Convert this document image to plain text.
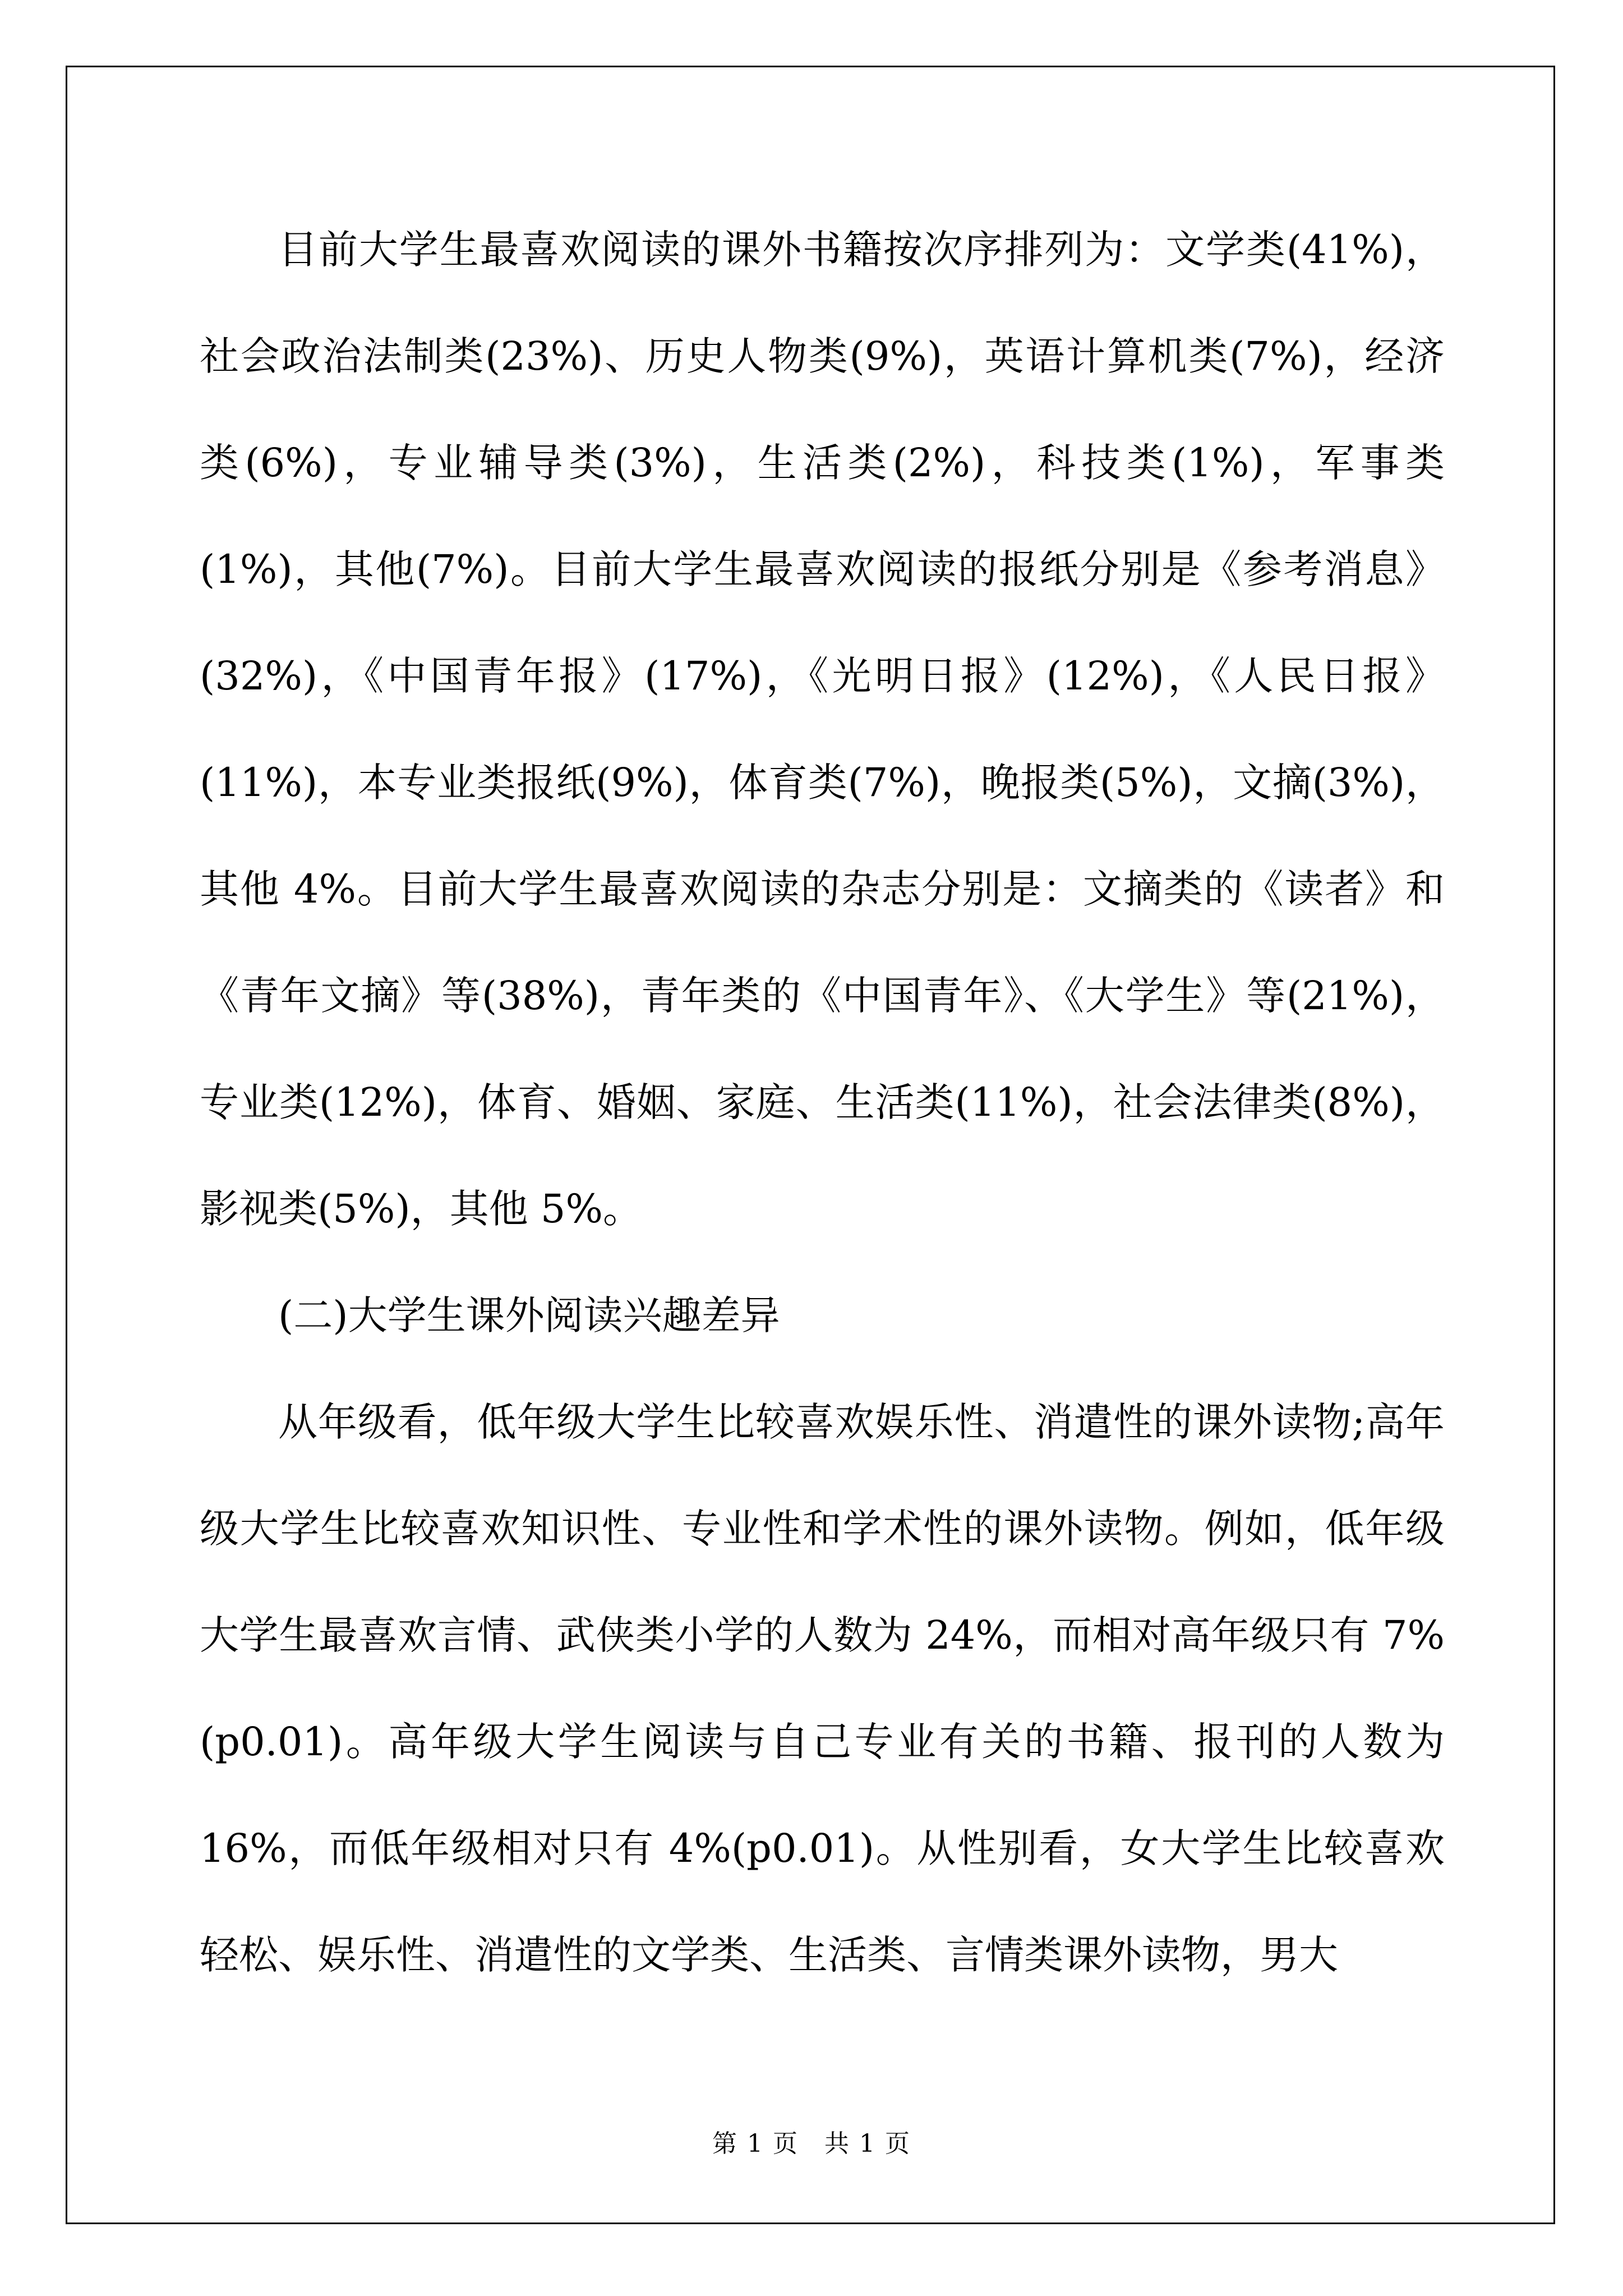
目前大学生最喜欢阅读的课外书籍按次序排列为：文学类(41%)，社会政治法制类(23%)、历史人物类(9%)，英语计算机类(7%)，经济类(6%)，专业辅导类(3%)，生活类(2%)，科技类(1%)，军事类(1%)，其他(7%)。目前大学生最喜欢阅读的报纸分别是《参考消息》(32%)，《中国青年报》(17%)，《光明日报》(12%)，《人民日报》(11%)，本专业类报纸(9%)，体育类(7%)，晚报类(5%)，文摘(3%)，其他 4%。目前大学生最喜欢阅读的杂志分别是：文摘类的《读者》和《青年文摘》等(38%)，青年类的《中国青年》、《大学生》等(21%)，专业类(12%)，体育、婚姻、家庭、生活类(11%)，社会法律类(8%)，影视类(5%)，其他 5%。

(二)大学生课外阅读兴趣差异

从年级看，低年级大学生比较喜欢娱乐性、消遣性的课外读物;高年级大学生比较喜欢知识性、专业性和学术性的课外读物。例如，低年级大学生最喜欢言情、武侠类小学的人数为 24%，而相对高年级只有 7%(p0.01)。高年级大学生阅读与自己专业有关的书籍、报刊的人数为 16%，而低年级相对只有 4%(p0.01)。从性别看，女大学生比较喜欢轻松、娱乐性、消遣性的文学类、生活类、言情类课外读物，男大

第 1 页　共 1 页
